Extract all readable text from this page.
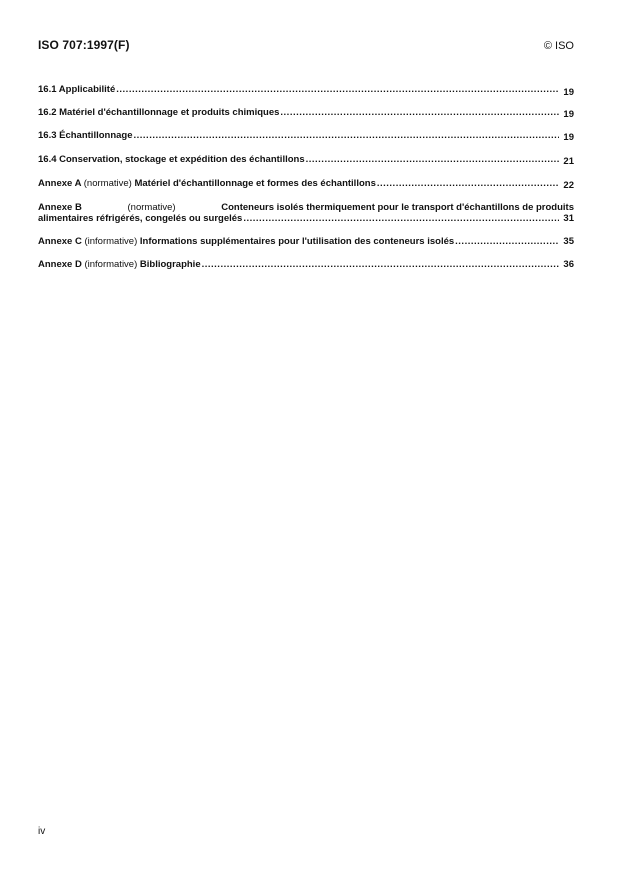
ISO 707:1997(F)	© ISO
16.1 Applicabilité .....	19
16.2 Matériel d'échantillonnage et produits chimiques .....	19
16.3 Échantillonnage .....	19
16.4 Conservation, stockage et expédition des échantillons .....	21
Annexe A (normative) Matériel d'échantillonnage et formes des échantillons .....	22
Annexe B	(normative)	Conteneurs isolés thermiquement pour le transport d'échantillons de produits
alimentaires réfrigérés, congelés ou surgelés .....	31
Annexe C (informative) Informations supplémentaires pour l'utilisation des conteneurs isolés .....	35
Annexe D (informative) Bibliographie .....	36
iv
